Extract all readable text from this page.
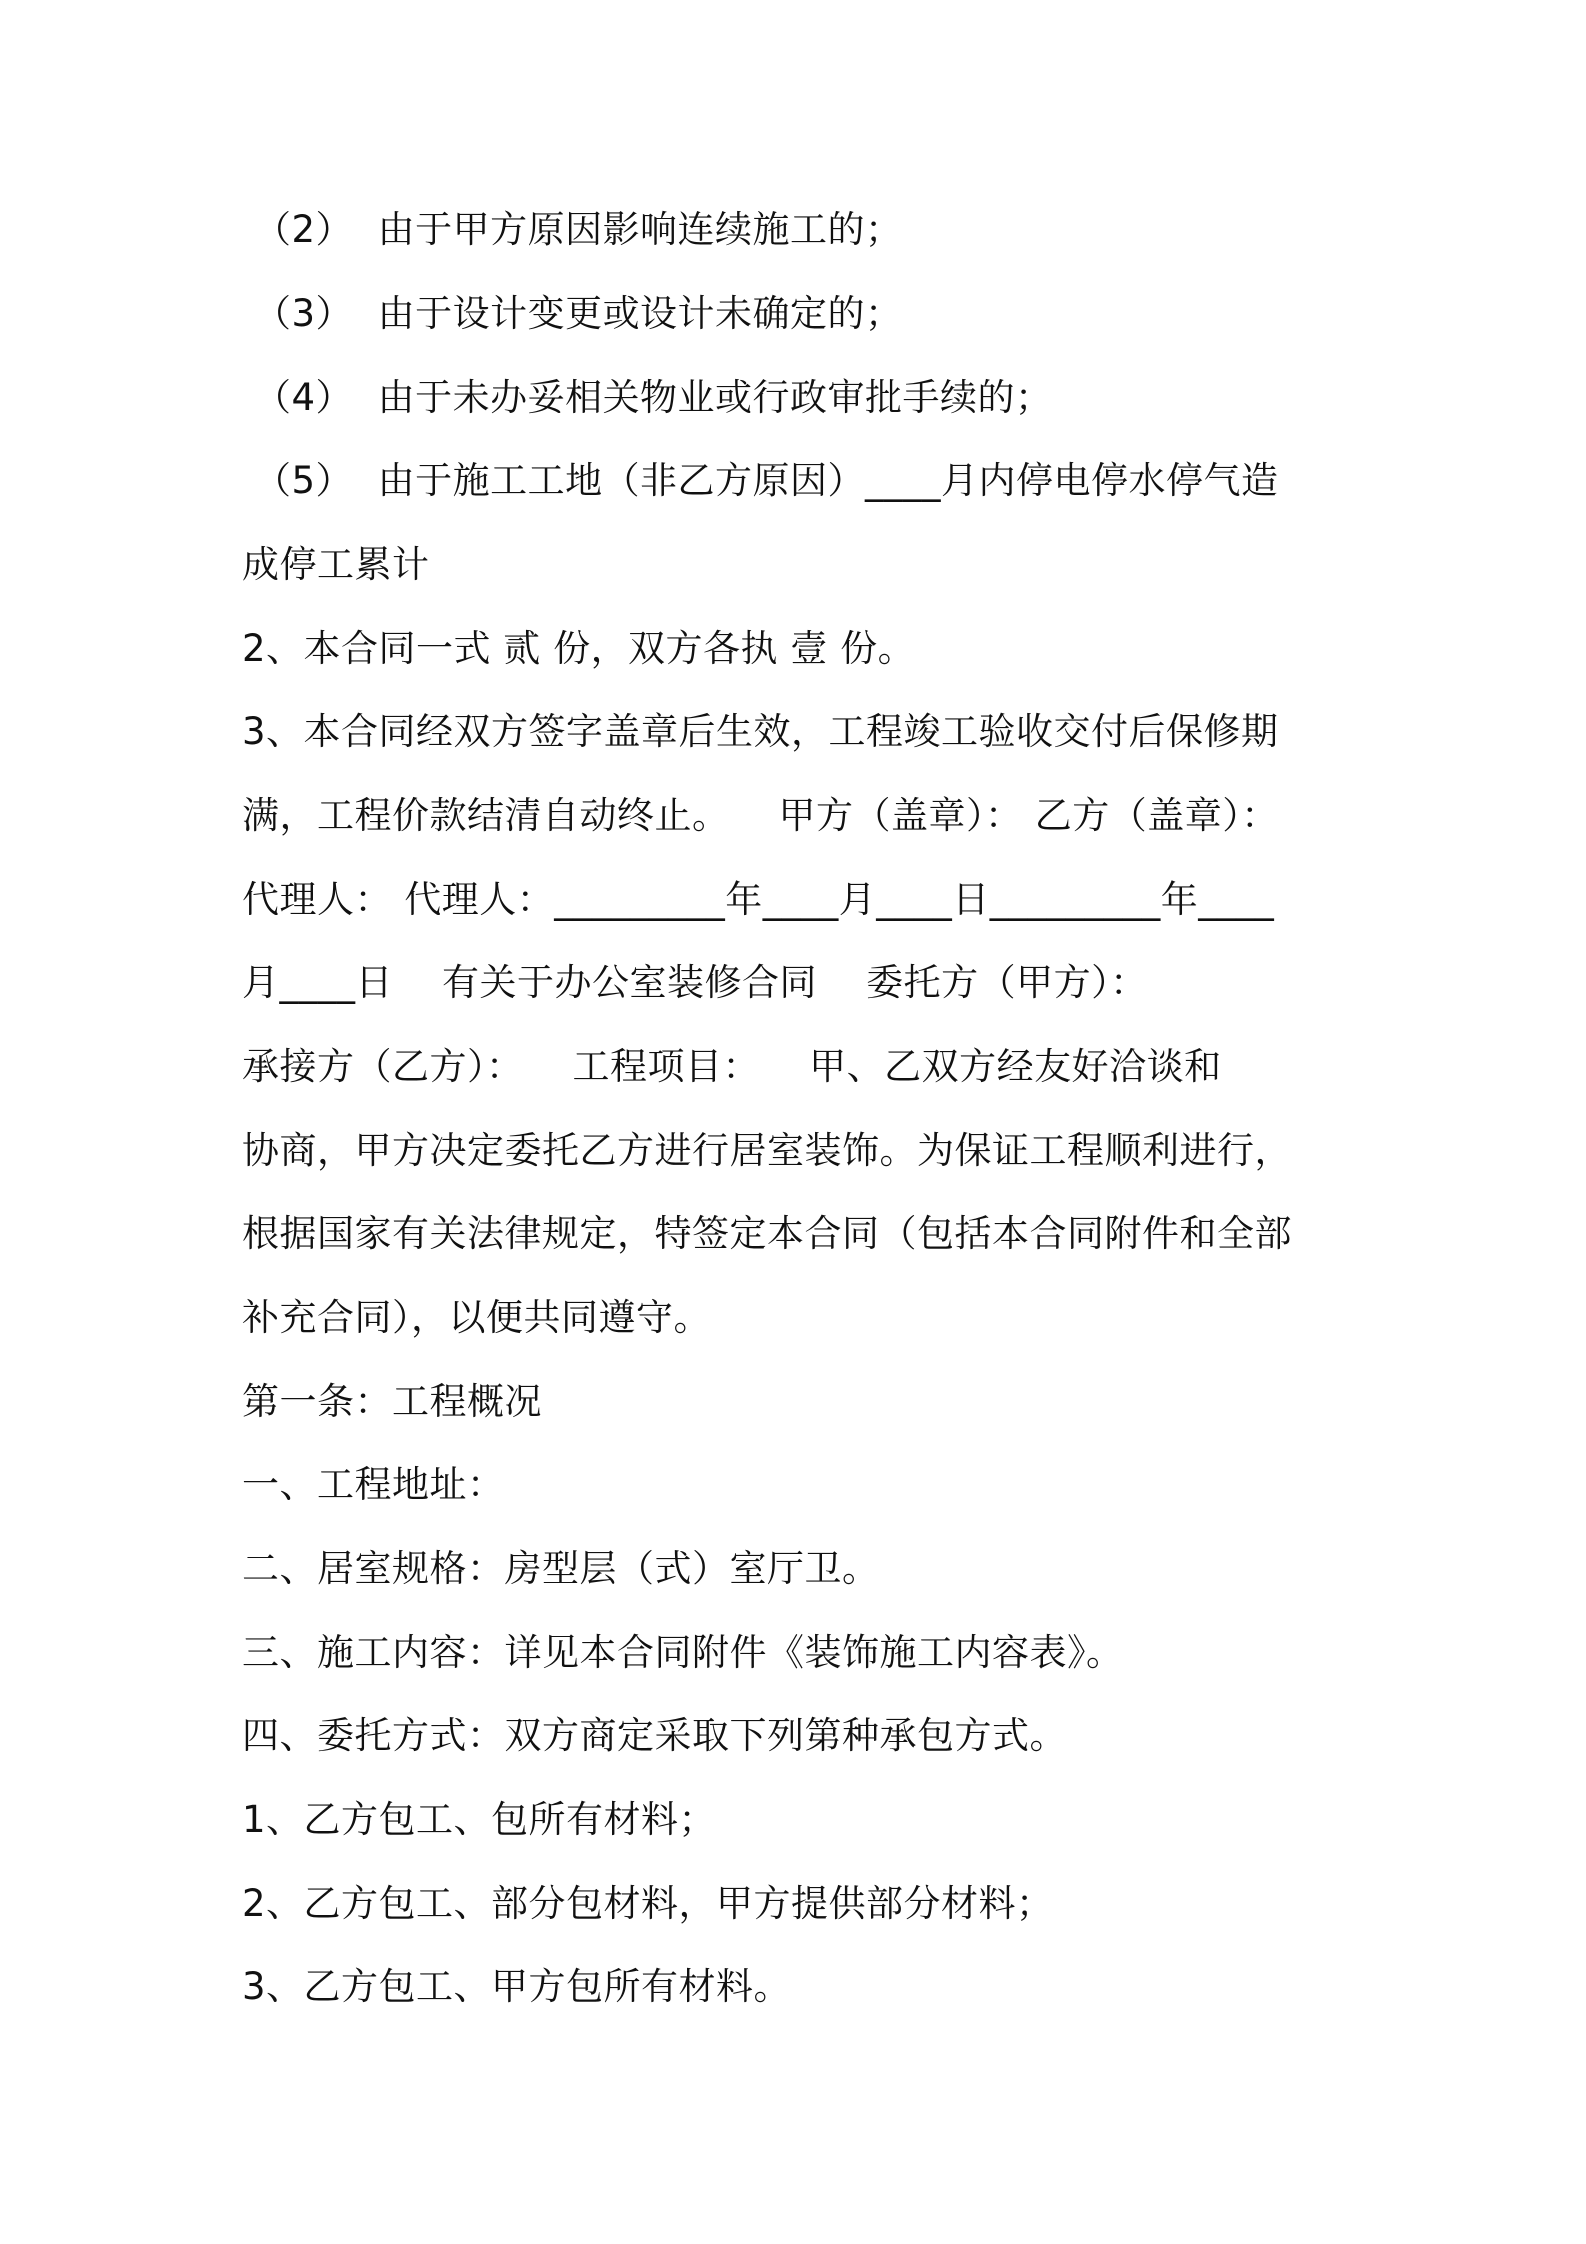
（2）  由于甲方原因影响连续施工的；
（3）  由于设计变更或设计未确定的；
（4）  由于未办妥相关物业或行政审批手续的；
（5）  由于施工工地（非乙方原因）____月内停电停水停气造
成停工累计
2、本合同一式 贰 份，双方各执 壹 份。
3、本合同经双方签字盖章后生效，工程竣工验收交付后保修期
满，工程价款结清自动终止。    甲方（盖章）： 乙方（盖章）：
代理人： 代理人：_________年____月____日_________年____
月____日    有关于办公室装修合同    委托方（甲方）：
承接方（乙方）：    工程项目：    甲、乙双方经友好洽谈和
协商，甲方决定委托乙方进行居室装饰。为保证工程顺利进行，
根据国家有关法律规定，特签定本合同（包括本合同附件和全部
补充合同），以便共同遵守。
第一条：工程概况
一、工程地址：
二、居室规格：房型层（式）室厅卫。
三、施工内容：详见本合同附件《装饰施工内容表》。
四、委托方式：双方商定采取下列第种承包方式。
1、乙方包工、包所有材料；
2、乙方包工、部分包材料，甲方提供部分材料；
3、乙方包工、甲方包所有材料。
